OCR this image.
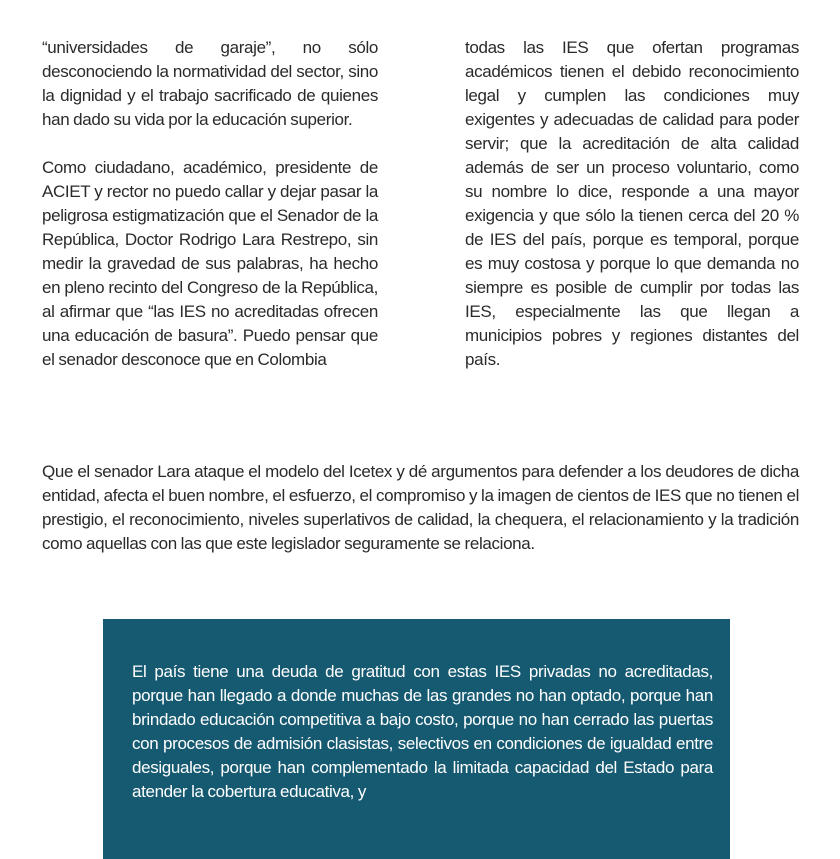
“universidades de garaje”, no sólo desconociendo la normatividad del sector, sino la dignidad y el trabajo sacrificado de quienes han dado su vida por la educación superior.

Como ciudadano, académico, presidente de ACIET y rector no puedo callar y dejar pasar la peligrosa estigmatización que el Senador de la República, Doctor Rodrigo Lara Restrepo, sin medir la gravedad de sus palabras, ha hecho en pleno recinto del Congreso de la República, al afirmar que “las IES no acreditadas ofrecen una educación de basura”. Puedo pensar que el senador desconoce que en Colombia

todas las IES que ofertan programas académicos tienen el debido reconocimiento legal y cumplen las condiciones muy exigentes y adecuadas de calidad para poder servir; que la acreditación de alta calidad además de ser un proceso voluntario, como su nombre lo dice, responde a una mayor exigencia y que sólo la tienen cerca del 20 % de IES del país, porque es temporal, porque es muy costosa y porque lo que demanda no siempre es posible de cumplir por todas las IES, especialmente las que llegan a municipios pobres y regiones distantes del país.

Que el senador Lara ataque el modelo del Icetex y dé argumentos para defender a los deudores de dicha entidad, afecta el buen nombre, el esfuerzo, el compromiso y la imagen de cientos de IES que no tienen el prestigio, el reconocimiento, niveles superlativos de calidad, la chequera, el relacionamiento y la tradición como aquellas con las que este legislador seguramente se relaciona.

El país tiene una deuda de gratitud con estas IES privadas no acreditadas, porque han llegado a donde muchas de las grandes no han optado, porque han brindado educación competitiva a bajo costo, porque no han cerrado las puertas con procesos de admisión clasistas, selectivos en condiciones de igualdad entre desiguales, porque han complementado la limitada capacidad del Estado para atender la cobertura educativa, y
